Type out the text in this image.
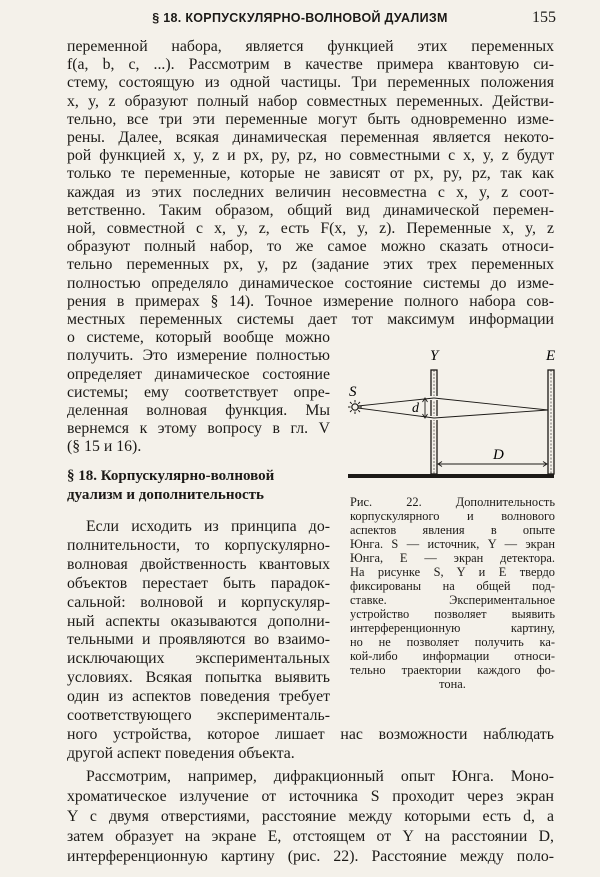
§ 18. КОРПУСКУЛЯРНО-ВОЛНОВОЙ ДУАЛИЗМ	155
переменной набора, является функцией этих переменных
f(a, b, c, ...). Рассмотрим в качестве примера квантовую си-
стему, состоящую из одной частицы. Три переменных положения
x, y, z образуют полный набор совместных переменных. Действи-
тельно, все три эти переменные могут быть одновременно изме-
рены. Далее, всякая динамическая переменная является некото-
рой функцией x, y, z и px, py, pz, но совместными с x, y, z будут
только те переменные, которые не зависят от px, py, pz, так как
каждая из этих последних величин несовместна с x, y, z соот-
ветственно. Таким образом, общий вид динамической перемен-
ной, совместной с x, y, z, есть F(x, y, z). Переменные x, y, z
образуют полный набор, то же самое можно сказать относи-
тельно переменных px, y, pz (задание этих трех переменных
полностью определяло динамическое состояние системы до изме-
рения в примерах § 14). Точное измерение полного набора сов-
местных переменных системы дает тот максимум информации
о системе, который вообще можно
получить. Это измерение полностью
определяет динамическое состояние
системы; ему соответствует опре-
деленная волновая функция. Мы
вернемся к этому вопросу в гл. V
(§ 15 и 16).
§ 18. Корпускулярно-волновой
дуализм и дополнительность
Если исходить из принципа до-
полнительности, то корпускулярно-
волновая двойственность квантовых
объектов перестает быть парадок-
сальной: волновой и корпускуляр-
ный аспекты оказываются дополни-
тельными и проявляются во взаимо-
исключающих экспериментальных
условиях. Всякая попытка выявить
один из аспектов поведения требует
соответствующего эксперименталь-
Y	E
S
d
D
Рис. 22. Дополнительность
корпускулярного и волнового
аспектов явления в опыте
Юнга. S — источник, Y — экран
Юнга, E — экран детектора.
На рисунке S, Y и E твердо
фиксированы на общей под-
ставке. Экспериментальное
устройство позволяет выявить
интерференционную картину,
но не позволяет получить ка-
кой-либо информации относи-
тельно траектории каждого фо-
тона.
ного устройства, которое лишает нас возможности наблюдать
другой аспект поведения объекта.
Рассмотрим, например, дифракционный опыт Юнга. Моно-
хроматическое излучение от источника S проходит через экран
Y с двумя отверстиями, расстояние между которыми есть d, а
затем образует на экране E, отстоящем от Y на расстоянии D,
интерференционную картину (рис. 22). Расстояние между поло-
